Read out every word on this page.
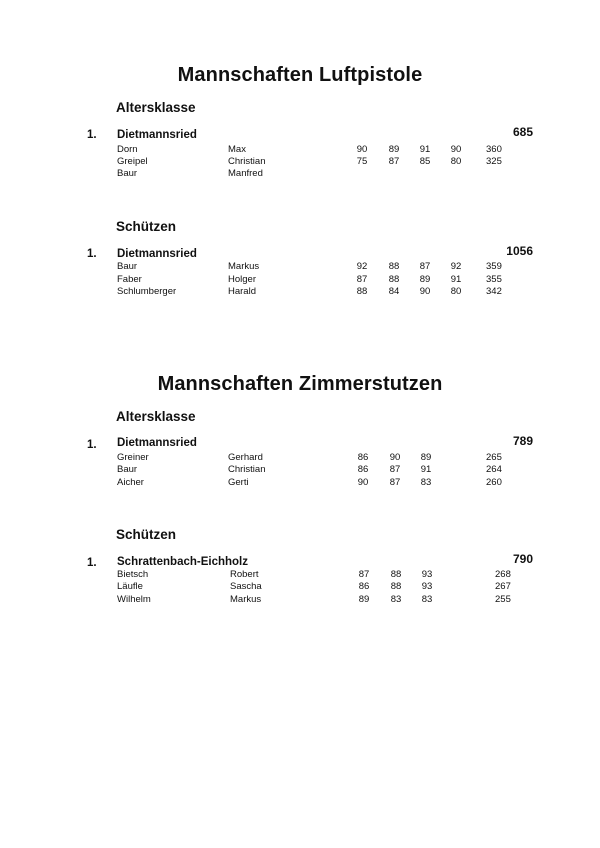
Mannschaften Luftpistole
Altersklasse
1. Dietmannsried	685
Dorn	Max	90	89	91	90	360
Greipel	Christian	75	87	85	80	325
Baur	Manfred
Schützen
1. Dietmannsried	1056
Baur	Markus	92	88	87	92	359
Faber	Holger	87	88	89	91	355
Schlumberger	Harald	88	84	90	80	342
Mannschaften Zimmerstutzen
Altersklasse
1. Dietmannsried	789
Greiner	Gerhard	86	90	89	265
Baur	Christian	86	87	91	264
Aicher	Gerti	90	87	83	260
Schützen
1. Schrattenbach-Eichholz	790
Bietsch	Robert	87	88	93	268
Läufle	Sascha	86	88	93	267
Wilhelm	Markus	89	83	83	255
